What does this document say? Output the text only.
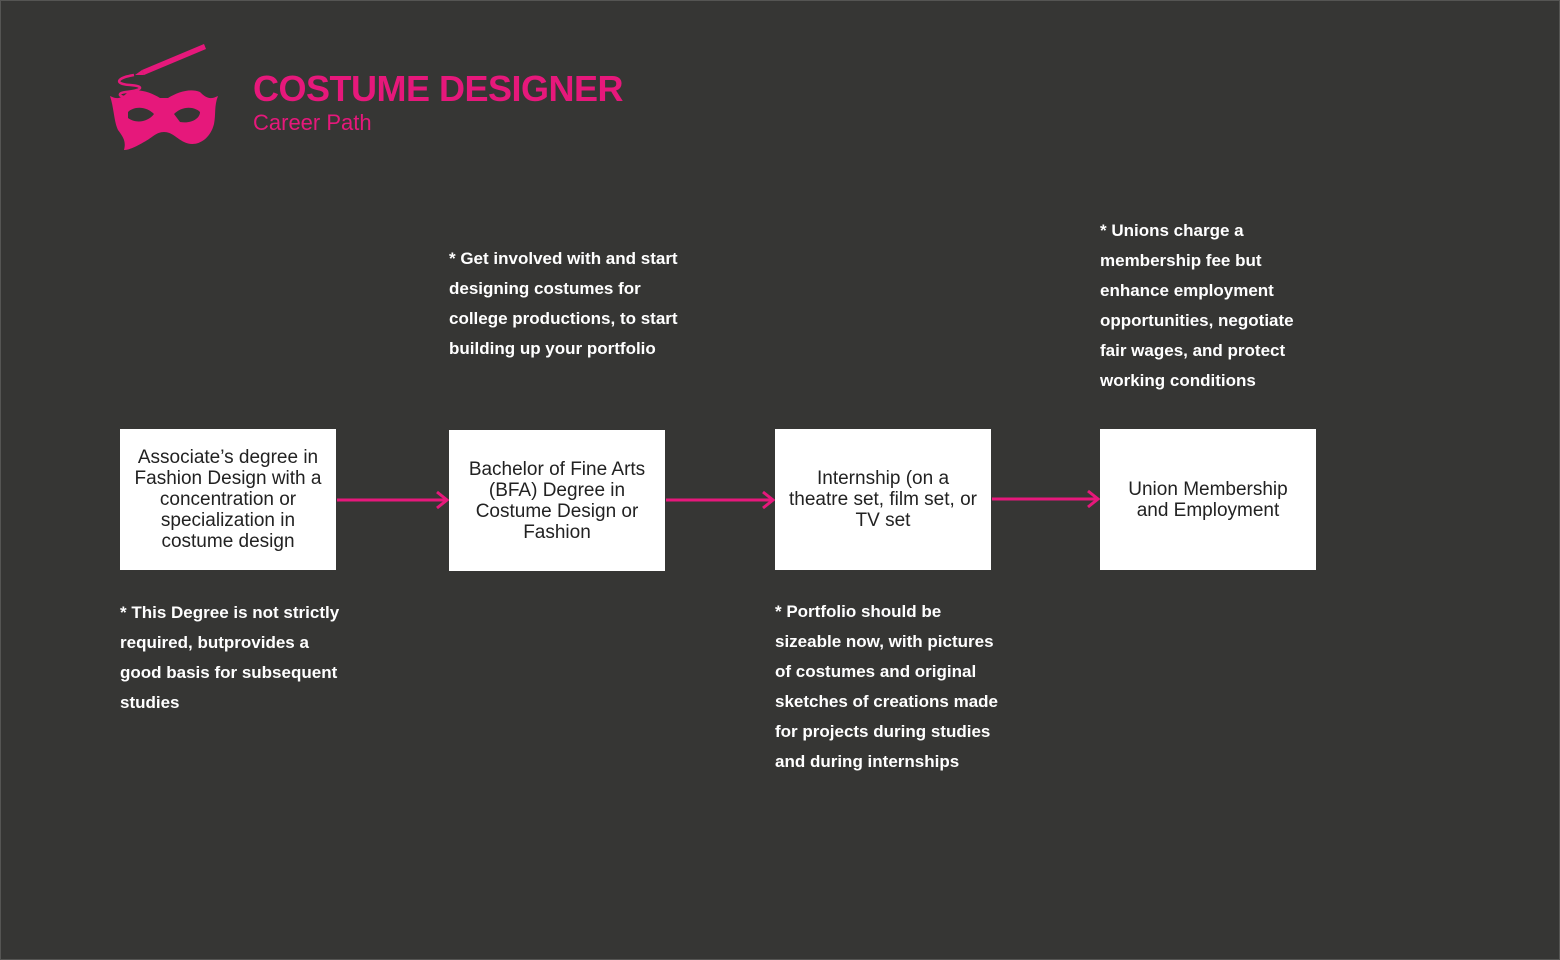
COSTUME DESIGNER
Career Path
Associate’s degree in Fashion Design with a concentration or specialization in costume design
Bachelor of Fine Arts (BFA) Degree in Costume Design or Fashion
Internship (on a theatre set, film set, or TV set
Union Membership and Employment
* This Degree is not strictly required, butprovides a good basis for subsequent studies
* Get involved with and start designing costumes for college productions, to start building up your portfolio
* Portfolio should be sizeable now, with pictures of costumes and original sketches of creations made for projects during studies and during internships
* Unions charge a membership fee but enhance employment opportunities, negotiate fair wages, and protect working conditions
